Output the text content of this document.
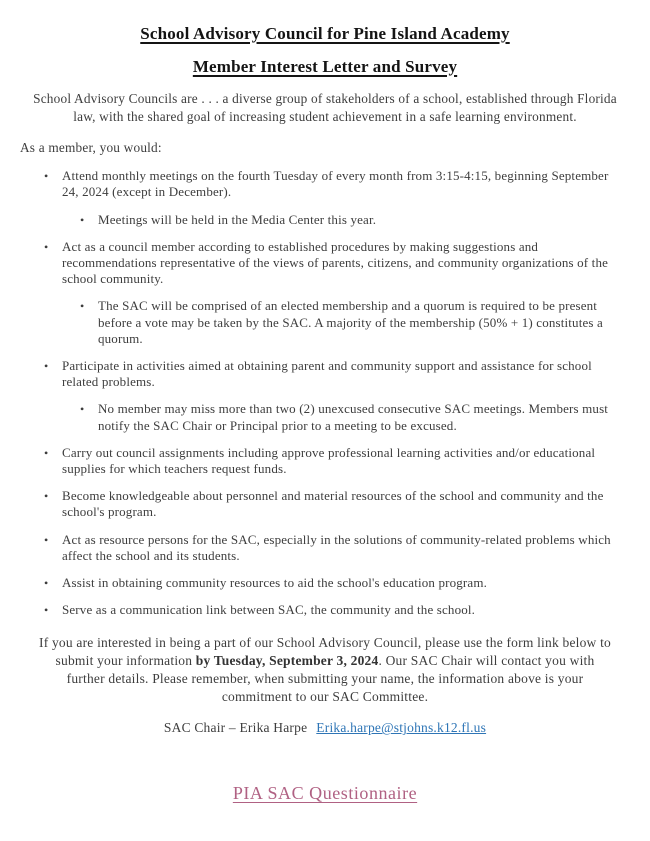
School Advisory Council for Pine Island Academy
Member Interest Letter and Survey

School Advisory Councils are . . . a diverse group of stakeholders of a school, established through Florida law, with the shared goal of increasing student achievement in a safe learning environment.

As a member, you would:

• Attend monthly meetings on the fourth Tuesday of every month from 3:15-4:15, beginning September 24, 2024 (except in December).
• Meetings will be held in the Media Center this year.
• Act as a council member according to established procedures by making suggestions and recommendations representative of the views of parents, citizens, and community organizations of the school community.
• The SAC will be comprised of an elected membership and a quorum is required to be present before a vote may be taken by the SAC. A majority of the membership (50% + 1) constitutes a quorum.
• Participate in activities aimed at obtaining parent and community support and assistance for school related problems.
• No member may miss more than two (2) unexcused consecutive SAC meetings. Members must notify the SAC Chair or Principal prior to a meeting to be excused.
• Carry out council assignments including approve professional learning activities and/or educational supplies for which teachers request funds.
• Become knowledgeable about personnel and material resources of the school and community and the school's program.
• Act as resource persons for the SAC, especially in the solutions of community-related problems which affect the school and its students.
• Assist in obtaining community resources to aid the school's education program.
• Serve as a communication link between SAC, the community and the school.

If you are interested in being a part of our School Advisory Council, please use the form link below to submit your information by Tuesday, September 3, 2024. Our SAC Chair will contact you with further details. Please remember, when submitting your name, the information above is your commitment to our SAC Committee.

SAC Chair – Erika Harpe Erika.harpe@stjohns.k12.fl.us

PIA SAC Questionnaire
